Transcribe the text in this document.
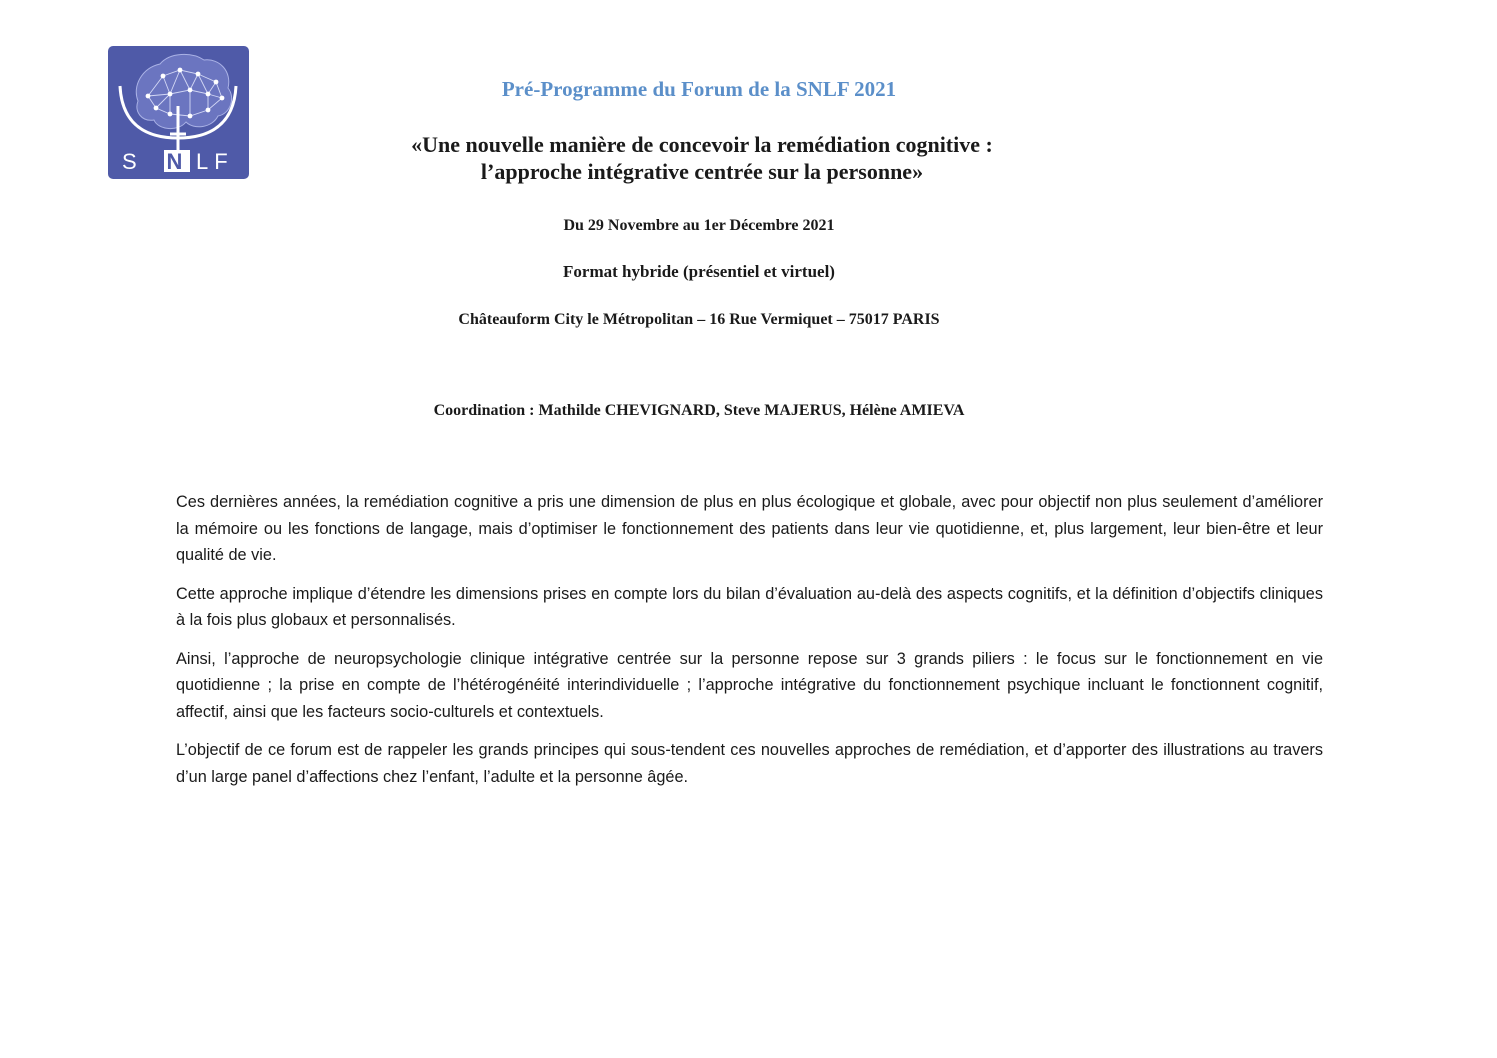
S N LF
Pré-Programme du Forum de la SNLF 2021
«Une nouvelle manière de concevoir la remédiation cognitive :
l’approche intégrative centrée sur la personne»
Du 29 Novembre au 1er Décembre 2021
Format hybride (présentiel et virtuel)
Châteauform City le Métropolitan – 16 Rue Vermiquet – 75017 PARIS
Coordination : Mathilde CHEVIGNARD, Steve MAJERUS, Hélène AMIEVA

Ces dernières années, la remédiation cognitive a pris une dimension de plus en plus écologique et globale, avec pour objectif non plus seulement d’améliorer la mémoire ou les fonctions de langage, mais d’optimiser le fonctionnement des patients dans leur vie quotidienne, et, plus largement, leur bien-être et leur qualité de vie.

Cette approche implique d’étendre les dimensions prises en compte lors du bilan d’évaluation au-delà des aspects cognitifs, et la définition d’objectifs cliniques à la fois plus globaux et personnalisés.

Ainsi, l’approche de neuropsychologie clinique intégrative centrée sur la personne repose sur 3 grands piliers : le focus sur le fonctionnement en vie quotidienne ; la prise en compte de l’hétérogénéité interindividuelle ; l’approche intégrative du fonctionnement psychique incluant le fonctionnent cognitif, affectif, ainsi que les facteurs socio-culturels et contextuels.

L’objectif de ce forum est de rappeler les grands principes qui sous-tendent ces nouvelles approches de remédiation, et d’apporter des illustrations au travers d’un large panel d’affections chez l’enfant, l’adulte et la personne âgée.
